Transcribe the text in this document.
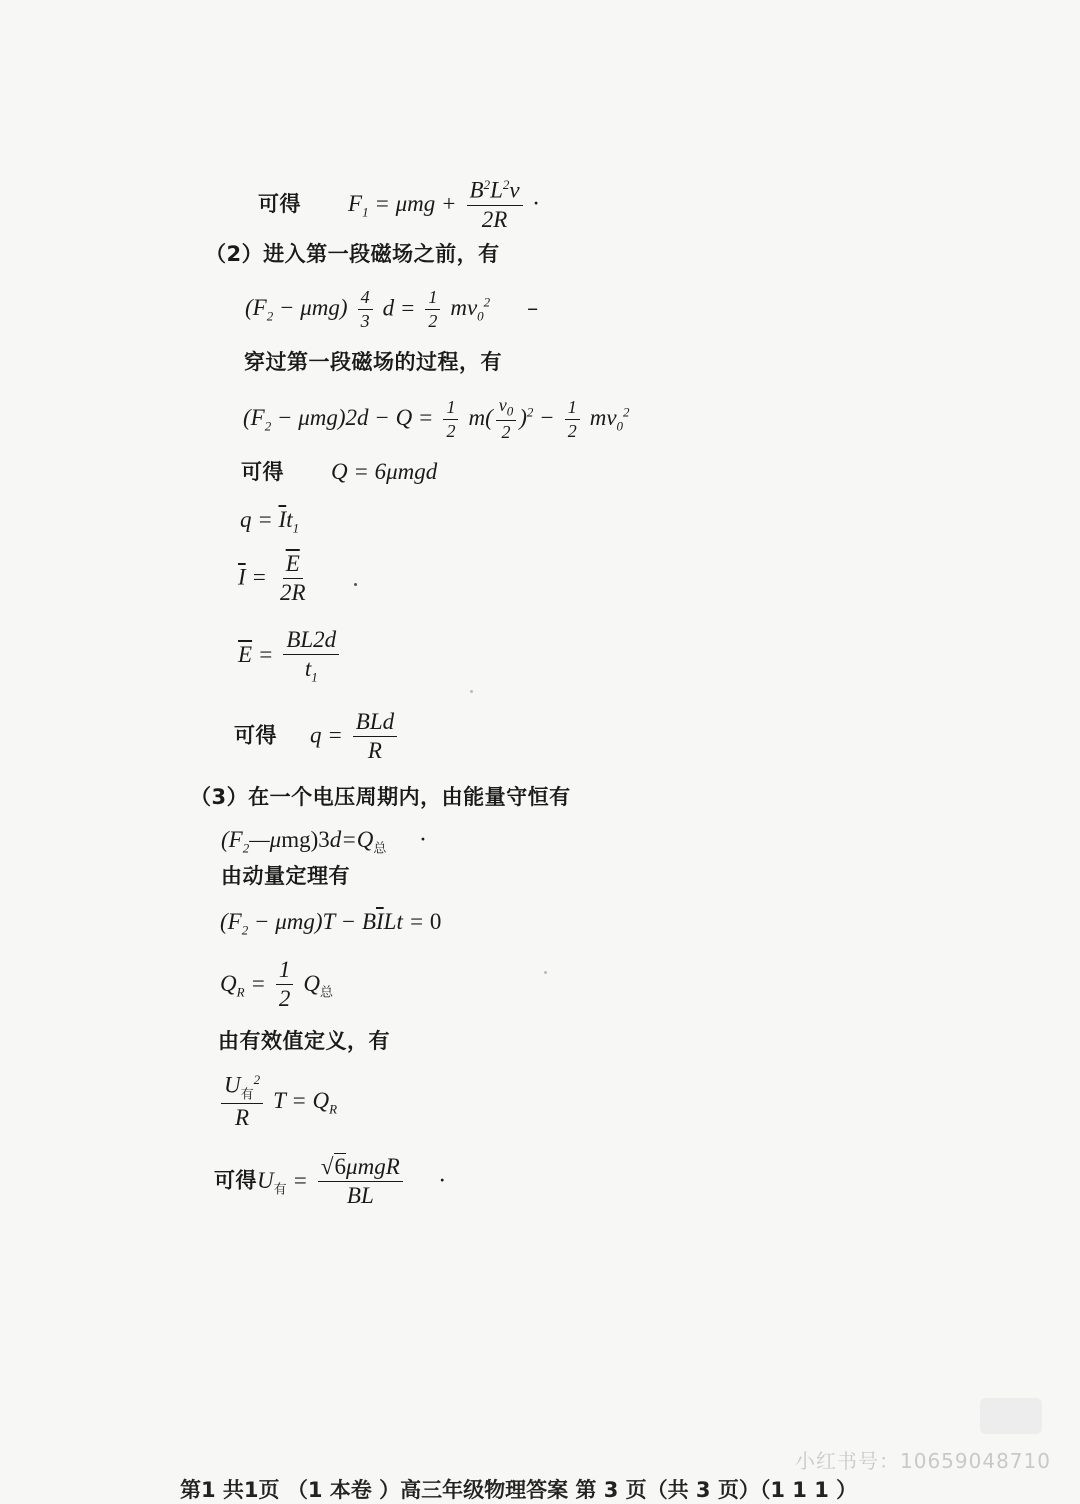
可得 $F_1 = \mu mg + \frac{B^2L^2v}{2R}$ ·
（2）进入第一段磁场之前，有
$(F_2 - \mu mg) \frac{4}{3}$ $d = \frac{1}{2} mv_0^2$ –
穿过第一段磁场的过程，有
$(F_2 - \mu mg)2d - Q = \frac{1}{2} m( \frac{v_0}{2} )^2 - \frac{1}{2} mv_0^2$
可得 Q = 6μmgd
$q = \overline{I}t_1$
$\overline{I} = \frac{\overline{E}}{2R}$
$\overline{E} = \frac{BL2d}{t_1}$
可得 $q = \frac{\text{BLd}}{R}$
（3）在一个电压周期内，由能量守恒有
$(F_2—\mu mg)3d=Q_总$ ·
由动量定理有
$(F_2 - \mu mg)T - B\overline{I}Lt = 0$
$Q_R = \frac{1}{2} Q_总$
由有效值定义，有
$\frac{U_有^2}{R}$ $T = Q_R$
可得$U_有 = \frac{\text{√6μmgR}}{BL}$ ·
小红书号：10659048710
第1 共1页 （1 本卷 ）高三年级物理答案 第 3 页（共 3 页）（1 1 1 ）
